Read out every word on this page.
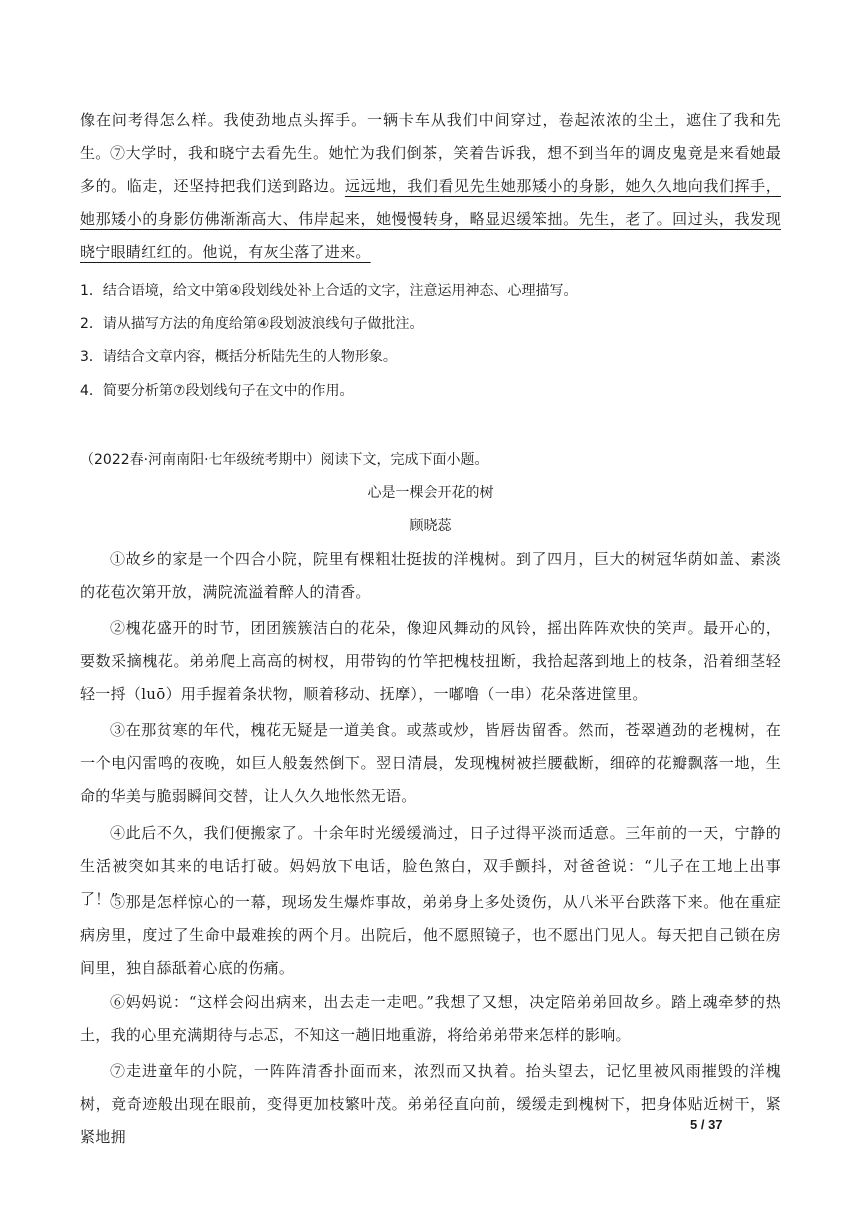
像在问考得怎么样。我使劲地点头挥手。一辆卡车从我们中间穿过，卷起浓浓的尘土，遮住了我和先生。 ⑦大学时，我和晓宁去看先生。她忙为我们倒茶，笑着告诉我，想不到当年的调皮鬼竟是来看她最多的。临走，还坚持把我们送到路边。远远地，我们看见先生她那矮小的身影，她久久地向我们挥手，她那矮小的身影仿佛渐渐高大、伟岸起来，她慢慢转身，略显迟缓笨拙。先生，老了。回过头，我发现晓宁眼睛红红的。他说，有灰尘落了进来。

1．结合语境，给文中第④段划线处补上合适的文字，注意运用神态、心理描写。

2．请从描写方法的角度给第④段划波浪线句子做批注。

3．请结合文章内容，概括分析陆先生的人物形象。

4．简要分析第⑦段划线句子在文中的作用。

（2022春·河南南阳·七年级统考期中）阅读下文，完成下面小题。

心是一棵会开花的树

顾晓蕊

①故乡的家是一个四合小院，院里有棵粗壮挺拔的洋槐树。到了四月，巨大的树冠华荫如盖、素淡的花苞次第开放，满院流溢着醉人的清香。

②槐花盛开的时节，团团簇簇洁白的花朵，像迎风舞动的风铃，摇出阵阵欢快的笑声。最开心的，要数采摘槐花。弟弟爬上高高的树杈，用带钩的竹竿把槐枝扭断，我拾起落到地上的枝条，沿着细茎轻轻一捋（luō）用手握着条状物，顺着移动、抚摩），一嘟噜（一串）花朵落进筐里。

③在那贫寒的年代，槐花无疑是一道美食。或蒸或炒，皆唇齿留香。然而，苍翠遒劲的老槐树，在一个电闪雷鸣的夜晚，如巨人般轰然倒下。翌日清晨，发现槐树被拦腰截断，细碎的花瓣飘落一地，生命的华美与脆弱瞬间交替，让人久久地怅然无语。

④此后不久，我们便搬家了。十余年时光缓缓淌过，日子过得平淡而适意。三年前的一天，宁静的生活被突如其来的电话打破。妈妈放下电话，脸色煞白，双手颤抖，对爸爸说：“儿子在工地上出事了！”

⑤那是怎样惊心的一幕，现场发生爆炸事故，弟弟身上多处烫伤，从八米平台跌落下来。他在重症病房里，度过了生命中最难挨的两个月。出院后，他不愿照镜子，也不愿出门见人。每天把自己锁在房间里，独自舔舐着心底的伤痛。

⑥妈妈说：“这样会闷出病来，出去走一走吧。”我想了又想，决定陪弟弟回故乡。踏上魂牵梦的热土，我的心里充满期待与忐忑，不知这一趟旧地重游，将给弟弟带来怎样的影响。

⑦走进童年的小院，一阵阵清香扑面而来，浓烈而又执着。抬头望去，记忆里被风雨摧毁的洋槐树，竟奇迹般出现在眼前，变得更加枝繁叶茂。弟弟径直向前，缓缓走到槐树下，把身体贴近树干，紧紧地拥

5 / 37
